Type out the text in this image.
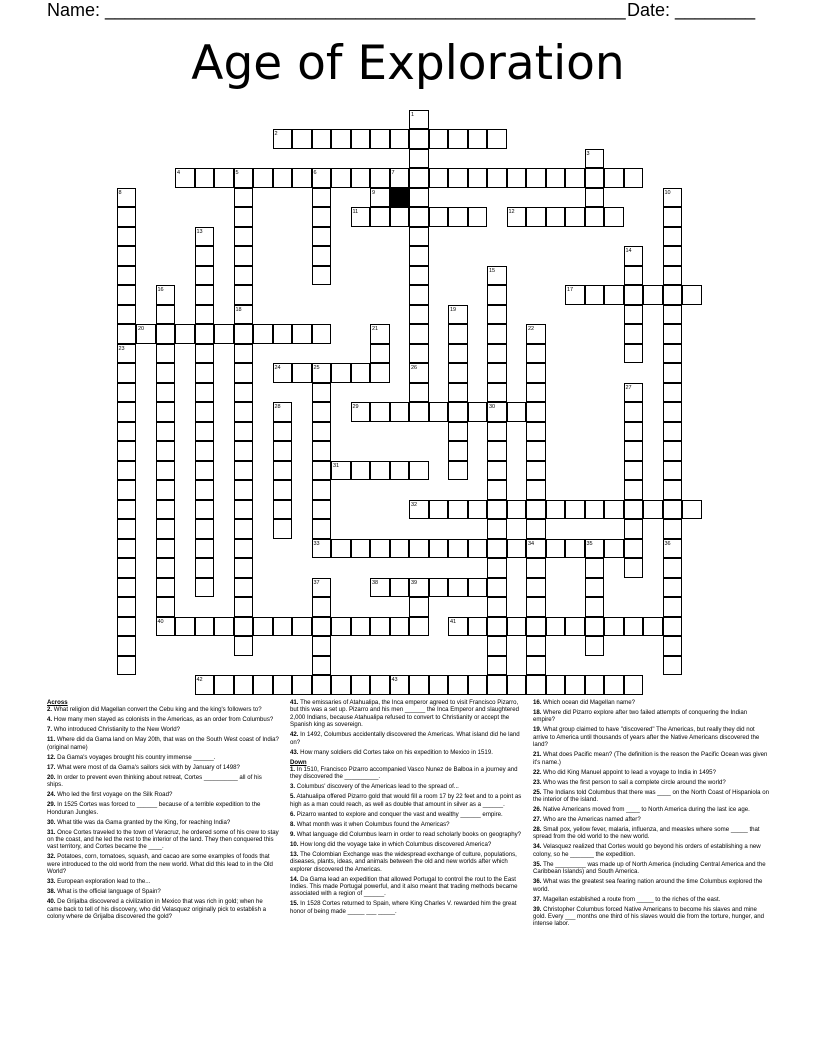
Name: ____________________________________________________ Date: ________
Age of Exploration
1
26
2
3
4	5	6	7
18
8
23
9	10
36
11	12
13
14
15
30
16	17
19
20	21	22
34
24	25
33
27
28	29
31
32
35
37	38	39
40	41
42	43
Across
2. What religion did Magellan convert the Cebu king and the king's followers to?
4. How many men stayed as colonists in the Americas, as an order from Columbus?
7. Who introduced Christianity to the New World?
11. Where did da Gama land on May 20th, that was on the South West coast of India? (original name)
12. Da Gama's voyages brought his country immense ______.
17. What were most of da Gama's sailors sick with by January of 1498?
20. In order to prevent even thinking about retreat, Cortes __________ all of his ships.
24. Who led the first voyage on the Silk Road?
29. In 1525 Cortes was forced to ______ because of a terrible expedition to the Honduran Jungles.
30. What title was da Gama granted by the King, for reaching India?
31. Once Cortes traveled to the town of Veracruz, he ordered some of his crew to stay on the coast, and he led the rest to the interior of the land. They then conquered this vast territory, and Cortes became the ____.
32. Potatoes, corn, tomatoes, squash, and cacao are some examples of foods that were introduced to the old world from the new world. What did this lead to in the Old World?
33. European exploration lead to the...
38. What is the official language of Spain?
40. De Grijalba discovered a civilization in Mexico that was rich in gold; when he came back to tell of his discovery, who did Velasquez originally pick to establish a colony where de Grijalba discovered the gold?
41. The emissaries of Atahualipa, the Inca emperor agreed to visit Francisco Pizarro, but this was a set up. Pizarro and his men ______ the Inca Emperor and slaughtered 2,000 Indians, because Atahualipa refused to convert to Christianity or accept the Spanish king as sovereign.
42. In 1492, Columbus accidentally discovered the Americas. What island did he land on?
43. How many soldiers did Cortes take on his expedition to Mexico in 1519.
Down
1. In 1510, Francisco Pizarro accompanied Vasco Nunez de Balboa in a journey and they discovered the __________.
3. Columbus' discovery of the Americas lead to the spread of...
5. Atahualipa offered Pizarro gold that would fill a room 17 by 22 feet and to a point as high as a man could reach, as well as double that amount in silver as a ______.
6. Pizarro wanted to explore and conquer the vast and wealthy ______ empire.
8. What month was it when Columbus found the Americas?
9. What language did Columbus learn in order to read scholarly books on geography?
10. How long did the voyage take in which Columbus discovered America?
13. The Colombian Exchange was the widespread exchange of culture, populations, diseases, plants, ideas, and animals between the old and new worlds after which explorer discovered the Americas.
14. Da Gama lead an expedition that allowed Portugal to control the rout to the East Indies. This made Portugal powerful, and it also meant that trading methods became associated with a region of ______.
15. In 1528 Cortes returned to Spain, where King Charles V. rewarded him the great honor of being made _____ ___ _____.
16. Which ocean did Magellan name?
18. Where did Pizarro explore after two failed attempts of conquering the Indian empire?
19. What group claimed to have "discovered" The Americas, but really they did not arrive to America until thousands of years after the Native Americans discovered the land?
21. What does Pacific mean? (The definition is the reason the Pacific Ocean was given it's name.)
22. Who did King Manuel appoint to lead a voyage to India in 1495?
23. Who was the first person to sail a complete circle around the world?
25. The Indians told Columbus that there was ____ on the North Coast of Hispaniola on the interior of the island.
26. Native Americans moved from ____ to North America during the last ice age.
27. Who are the Americas named after?
28. Small pox, yellow fever, malaria, influenza, and measles where some _____ that spread from the old world to the new world.
34. Velasquez realized that Cortes would go beyond his orders of establishing a new colony, so he _______ the expedition.
35. The _________ was made up of North America (including Central America and the Caribbean Islands) and South America.
36. What was the greatest sea fearing nation around the time Columbus explored the world.
37. Magellan established a route from _____ to the riches of the east.
39. Christopher Columbus forced Native Americans to become his slaves and mine gold. Every ___ months one third of his slaves would die from the torture, hunger, and intense labor.
